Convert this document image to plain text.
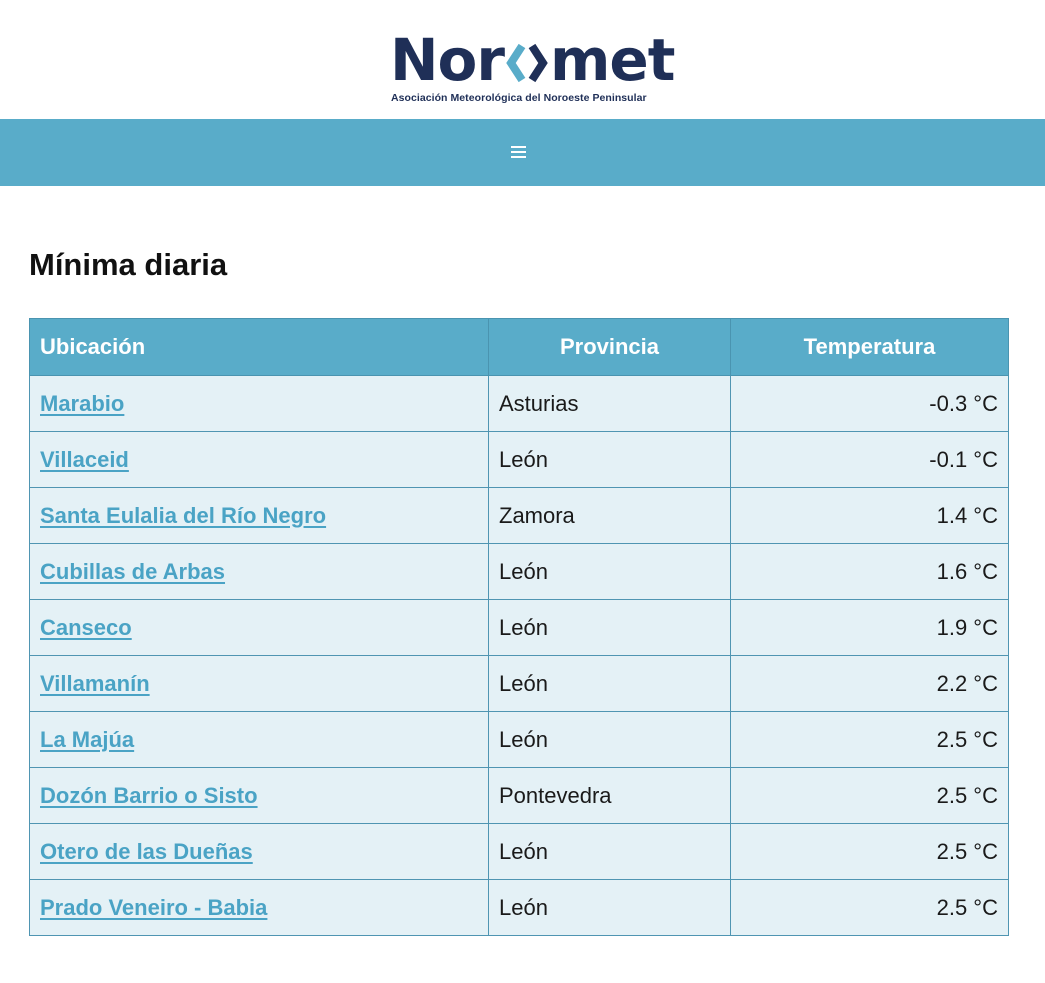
Nor met
Asociación Meteorológica del Noroeste Peninsular
Mínima diaria
Ubicación	Provincia	Temperatura
Marabio	Asturias	-0.3 °C
Villaceid	León	-0.1 °C
Santa Eulalia del Río Negro	Zamora	1.4 °C
Cubillas de Arbas	León	1.6 °C
Canseco	León	1.9 °C
Villamanín	León	2.2 °C
La Majúa	León	2.5 °C
Dozón Barrio o Sisto	Pontevedra	2.5 °C
Otero de las Dueñas	León	2.5 °C
Prado Veneiro - Babia	León	2.5 °C
